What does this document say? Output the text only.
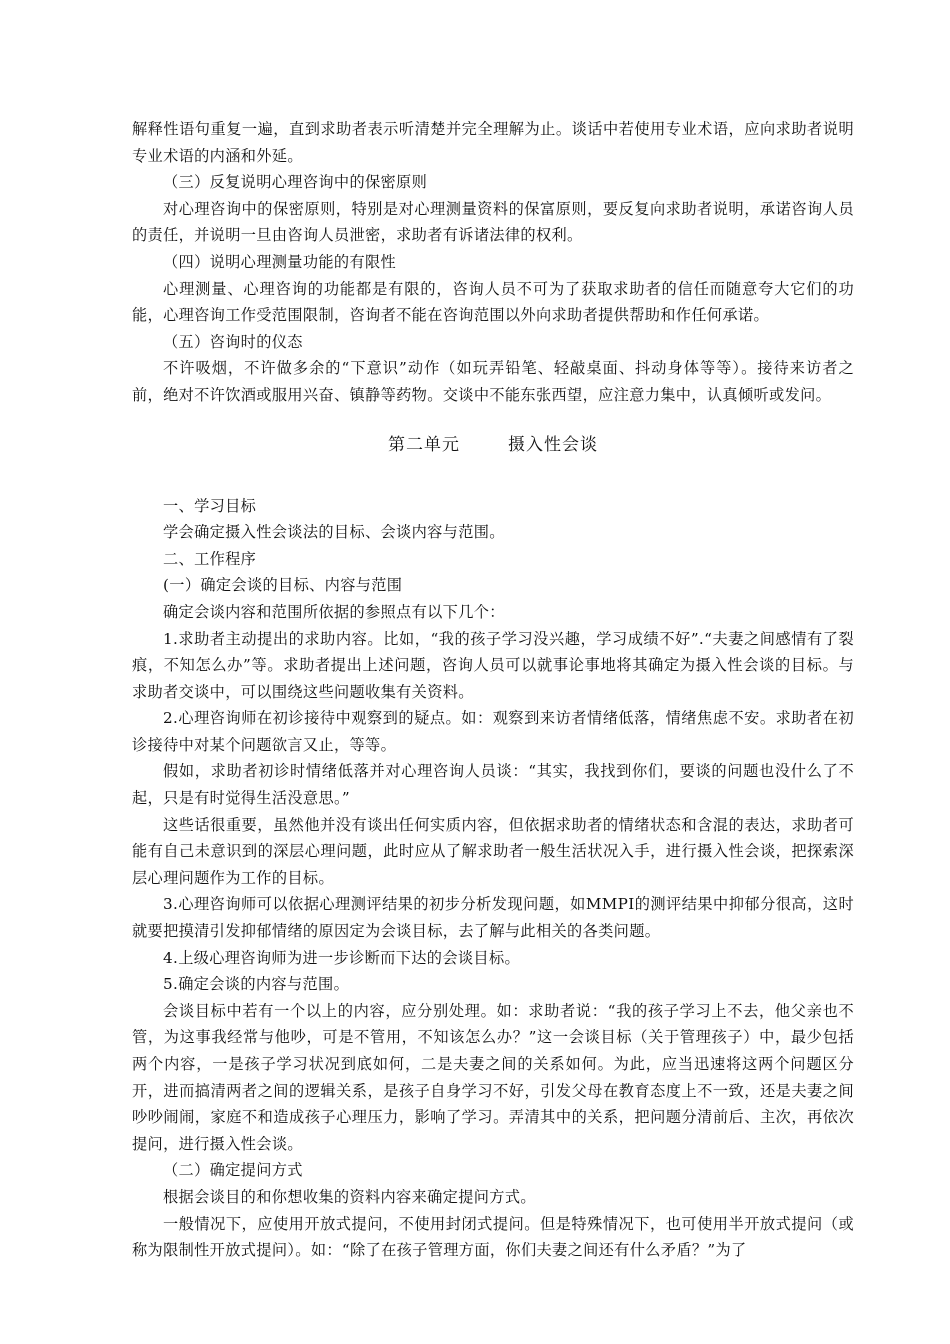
解释性语句重复一遍，直到求助者表示听清楚并完全理解为止。谈话中若使用专业术语，应向求助者说明专业术语的内涵和外延。

（三）反复说明心理咨询中的保密原则

对心理咨询中的保密原则，特别是对心理测量资料的保富原则，要反复向求助者说明，承诺咨询人员的责任，并说明一旦由咨询人员泄密，求助者有诉诸法律的权利。

（四）说明心理测量功能的有限性

心理测量、心理咨询的功能都是有限的，咨询人员不可为了获取求助者的信任而随意夸大它们的功能，心理咨询工作受范围限制，咨询者不能在咨询范围以外向求助者提供帮助和作任何承诺。

（五）咨询时的仪态

不许吸烟，不许做多余的“下意识”动作（如玩弄铅笔、轻敲桌面、抖动身体等等）。接待来访者之前，绝对不许饮酒或服用兴奋、镇静等药物。交谈中不能东张西望，应注意力集中，认真倾听或发问。

第二单元	摄入性会谈

一、学习目标

学会确定摄入性会谈法的目标、会谈内容与范围。

二、工作程序

(一）确定会谈的目标、内容与范围

确定会谈内容和范围所依据的参照点有以下几个：

1.求助者主动提出的求助内容。比如，“我的孩子学习没兴趣，学习成绩不好”.“夫妻之间感情有了裂痕，不知怎么办”等。求助者提出上述问题，咨询人员可以就事论事地将其确定为摄入性会谈的目标。与求助者交谈中，可以围绕这些问题收集有关资料。

2.心理咨询师在初诊接待中观察到的疑点。如：观察到来访者情绪低落，情绪焦虑不安。求助者在初诊接待中对某个问题欲言又止，等等。

假如，求助者初诊时情绪低落并对心理咨询人员谈：“其实，我找到你们，要谈的问题也没什么了不起，只是有时觉得生活没意思。”

这些话很重要，虽然他并没有谈出任何实质内容，但依据求助者的情绪状态和含混的表达，求助者可能有自己未意识到的深层心理问题，此时应从了解求助者一般生活状况入手，进行摄入性会谈，把探索深层心理问题作为工作的目标。

3.心理咨询师可以依据心理测评结果的初步分析发现问题，如MMPI的测评结果中抑郁分很高，这时就要把摸清引发抑郁情绪的原因定为会谈目标，去了解与此相关的各类问题。

4.上级心理咨询师为进一步诊断而下达的会谈目标。

5.确定会谈的内容与范围。

会谈目标中若有一个以上的内容，应分别处理。如：求助者说：“我的孩子学习上不去，他父亲也不管，为这事我经常与他吵，可是不管用，不知该怎么办？”这一会谈目标（关于管理孩子）中，最少包括两个内容，一是孩子学习状况到底如何，二是夫妻之间的关系如何。为此，应当迅速将这两个问题区分开，进而搞清两者之间的逻辑关系，是孩子自身学习不好，引发父母在教育态度上不一致，还是夫妻之间吵吵闹闹，家庭不和造成孩子心理压力，影响了学习。弄清其中的关系，把问题分清前后、主次，再依次提问，进行摄入性会谈。

（二）确定提问方式

根据会谈目的和你想收集的资料内容来确定提问方式。

一般情况下，应使用开放式提问，不使用封闭式提问。但是特殊情况下，也可使用半开放式提问（或称为限制性开放式提问）。如：“除了在孩子管理方面，你们夫妻之间还有什么矛盾？”为了
